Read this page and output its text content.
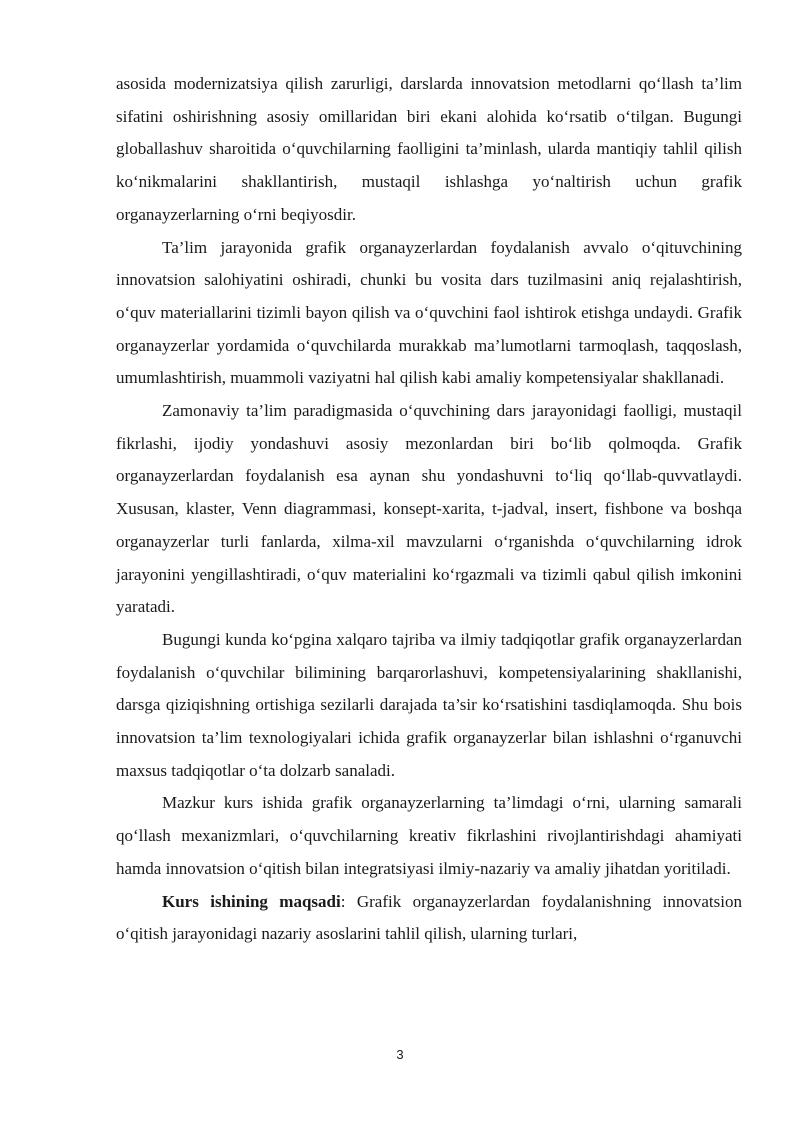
asosida modernizatsiya qilish zarurligi, darslarda innovatsion metodlarni qo‘llash ta’lim sifatini oshirishning asosiy omillaridan biri ekani alohida ko‘rsatib o‘tilgan. Bugungi globallashuv sharoitida o‘quvchilarning faolligini ta’minlash, ularda mantiqiy tahlil qilish ko‘nikmalarini shakllantirish, mustaqil ishlashga yo‘naltirish uchun grafik organayzerlarning o‘rni beqiyosdir.

Ta’lim jarayonida grafik organayzerlardan foydalanish avvalo o‘qituvchining innovatsion salohiyatini oshiradi, chunki bu vosita dars tuzilmasini aniq rejalashtirish, o‘quv materiallarini tizimli bayon qilish va o‘quvchini faol ishtirok etishga undaydi. Grafik organayzerlar yordamida o‘quvchilarda murakkab ma’lumotlarni tarmoqlash, taqqoslash, umumlashtirish, muammoli vaziyatni hal qilish kabi amaliy kompetensiyalar shakllanadi.

Zamonaviy ta’lim paradigmasida o‘quvchining dars jarayonidagi faolligi, mustaqil fikrlashi, ijodiy yondashuvi asosiy mezonlardan biri bo‘lib qolmoqda. Grafik organayzerlardan foydalanish esa aynan shu yondashuvni to‘liq qo‘llab-quvvatlaydi. Xususan, klaster, Venn diagrammasi, konsept-xarita, t-jadval, insert, fishbone va boshqa organayzerlar turli fanlarda, xilma-xil mavzularni o‘rganishda o‘quvchilarning idrok jarayonini yengillashtiradi, o‘quv materialini ko‘rgazmali va tizimli qabul qilish imkonini yaratadi.

Bugungi kunda ko‘pgina xalqaro tajriba va ilmiy tadqiqotlar grafik organayzerlardan foydalanish o‘quvchilar bilimining barqarorlashuvi, kompetensiyalarining shakllanishi, darsga qiziqishning ortishiga sezilarli darajada ta’sir ko‘rsatishini tasdiqlamoqda. Shu bois innovatsion ta’lim texnologiyalari ichida grafik organayzerlar bilan ishlashni o‘rganuvchi maxsus tadqiqotlar o‘ta dolzarb sanaladi.

Mazkur kurs ishida grafik organayzerlarning ta’limdagi o‘rni, ularning samarali qo‘llash mexanizmlari, o‘quvchilarning kreativ fikrlashini rivojlantirishdagi ahamiyati hamda innovatsion o‘qitish bilan integratsiyasi ilmiy-nazariy va amaliy jihatdan yoritiladi.

Kurs ishining maqsadi: Grafik organayzerlardan foydalanishning innovatsion o‘qitish jarayonidagi nazariy asoslarini tahlil qilish, ularning turlari,

3
